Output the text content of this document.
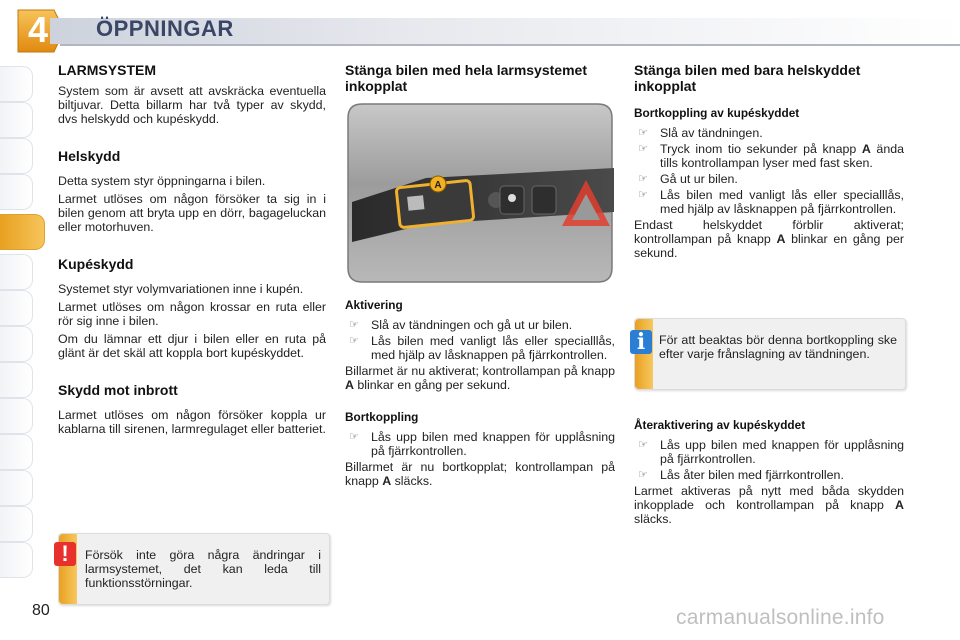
4	ÖPPNINGAR
LARMSYSTEM

System som är avsett att avskräcka eventuella biltjuvar. Detta billarm har två typer av skydd, dvs helskydd och kupéskydd.

Helskydd

Detta system styr öppningarna i bilen.

Larmet utlöses om någon försöker ta sig in i bilen genom att bryta upp en dörr, bagageluckan eller motorhuven.

Kupéskydd

Systemet styr volymvariationen inne i kupén.

Larmet utlöses om någon krossar en ruta eller rör sig inne i bilen.

Om du lämnar ett djur i bilen eller en ruta på glänt är det skäl att koppla bort kupéskyddet.

Skydd mot inbrott

Larmet utlöses om någon försöker koppla ur kablarna till sirenen, larmregulaget eller batteriet.

Försök inte göra några ändringar i larmsystemet, det kan leda till funktionsstörningar.
!
Stänga bilen med hela larmsystemet inkopplat
A
Aktivering
☞ Slå av tändningen och gå ut ur bilen.
☞ Lås bilen med vanligt lås eller specialllås, med hjälp av låsknappen på fjärrkontrollen.

Billarmet är nu aktiverat; kontrollampan på knapp A blinkar en gång per sekund.

Bortkoppling
☞ Lås upp bilen med knappen för upplåsning på fjärrkontrollen.

Billarmet är nu bortkopplat; kontrollampan på knapp A släcks.

Stänga bilen med bara helskyddet inkopplat
Bortkoppling av kupéskyddet
☞ Slå av tändningen.
☞ Tryck inom tio sekunder på knapp A ända tills kontrollampan lyser med fast sken.
☞ Gå ut ur bilen.
☞ Lås bilen med vanligt lås eller specialllås, med hjälp av låsknappen på fjärrkontrollen.

Endast helskyddet förblir aktiverat; kontrollampan på knapp A blinkar en gång per sekund.

För att beaktas bör denna bortkoppling ske efter varje frånslagning av tändningen.
i
Återaktivering av kupéskyddet
☞ Lås upp bilen med knappen för upplåsning på fjärrkontrollen.
☞ Lås åter bilen med fjärrkontrollen.

Larmet aktiveras på nytt med båda skydden inkopplade och kontrollampan på knapp A släcks.

80	carmanualsonline.info
